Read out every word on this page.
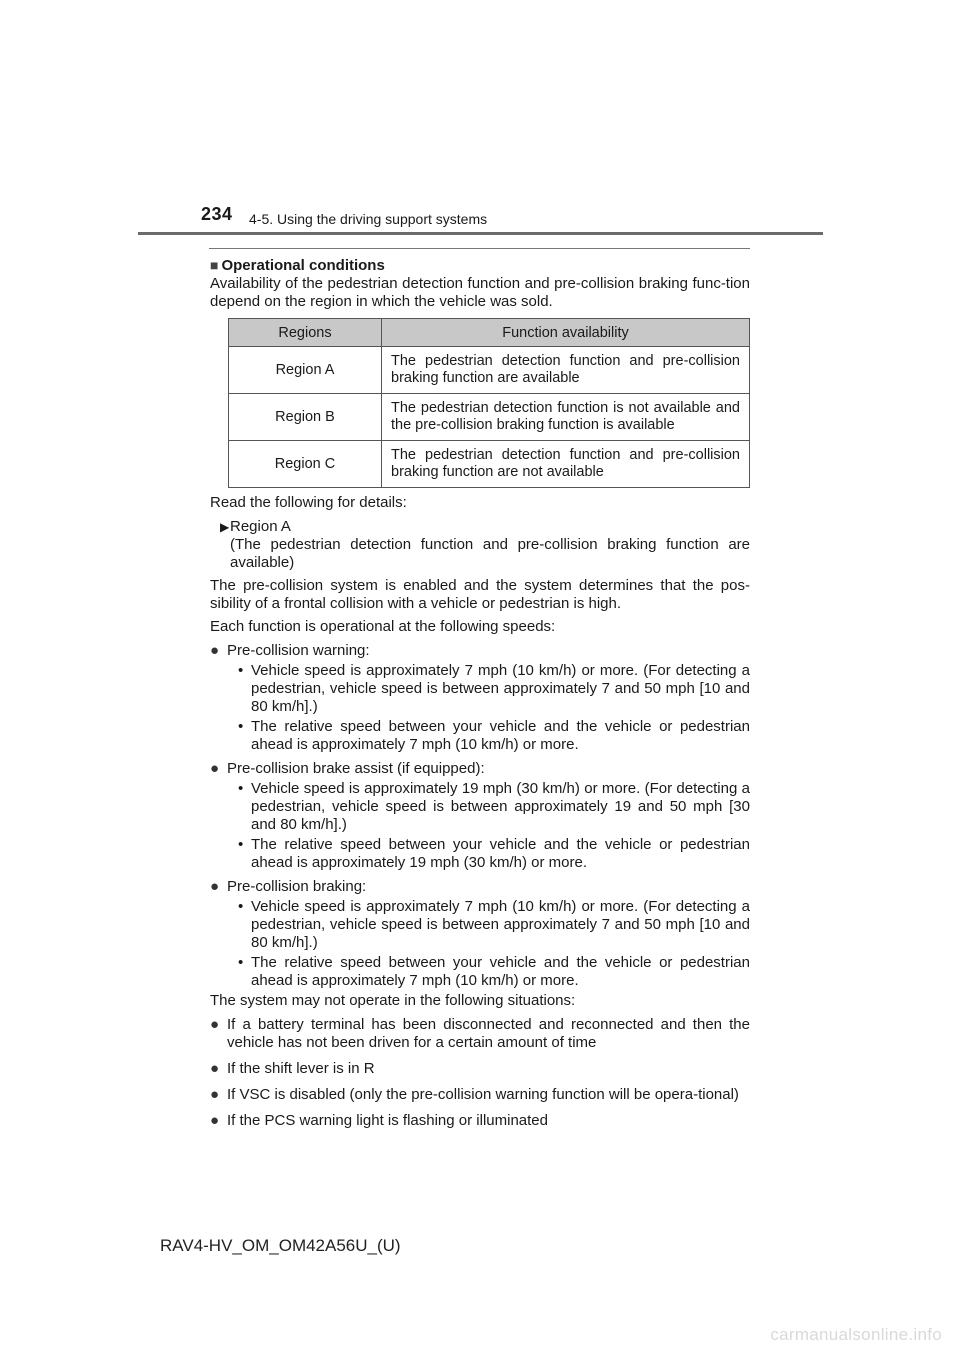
234 4-5. Using the driving support systems

■ Operational conditions

Availability of the pedestrian detection function and pre-collision braking func-tion depend on the region in which the vehicle was sold.

Regions	Function availability
Region A	The pedestrian detection function and pre-collision braking function are available
Region B	The pedestrian detection function is not available and the pre-collision braking function is available
Region C	The pedestrian detection function and pre-collision braking function are not available

Read the following for details:

▶ Region A

(The pedestrian detection function and pre-collision braking function are available)

The pre-collision system is enabled and the system determines that the pos-sibility of a frontal collision with a vehicle or pedestrian is high.

Each function is operational at the following speeds:

● Pre-collision warning:
• Vehicle speed is approximately 7 mph (10 km/h) or more. (For detecting a pedestrian, vehicle speed is between approximately 7 and 50 mph [10 and 80 km/h].)
• The relative speed between your vehicle and the vehicle or pedestrian ahead is approximately 7 mph (10 km/h) or more.
● Pre-collision brake assist (if equipped):
• Vehicle speed is approximately 19 mph (30 km/h) or more. (For detecting a pedestrian, vehicle speed is between approximately 19 and 50 mph [30 and 80 km/h].)
• The relative speed between your vehicle and the vehicle or pedestrian ahead is approximately 19 mph (30 km/h) or more.
● Pre-collision braking:
• Vehicle speed is approximately 7 mph (10 km/h) or more. (For detecting a pedestrian, vehicle speed is between approximately 7 and 50 mph [10 and 80 km/h].)
• The relative speed between your vehicle and the vehicle or pedestrian ahead is approximately 7 mph (10 km/h) or more.

The system may not operate in the following situations:

● If a battery terminal has been disconnected and reconnected and then the vehicle has not been driven for a certain amount of time
● If the shift lever is in R
● If VSC is disabled (only the pre-collision warning function will be opera-tional)
● If the PCS warning light is flashing or illuminated
RAV4-HV_OM_OM42A56U_(U)
carmanualsonline.info
